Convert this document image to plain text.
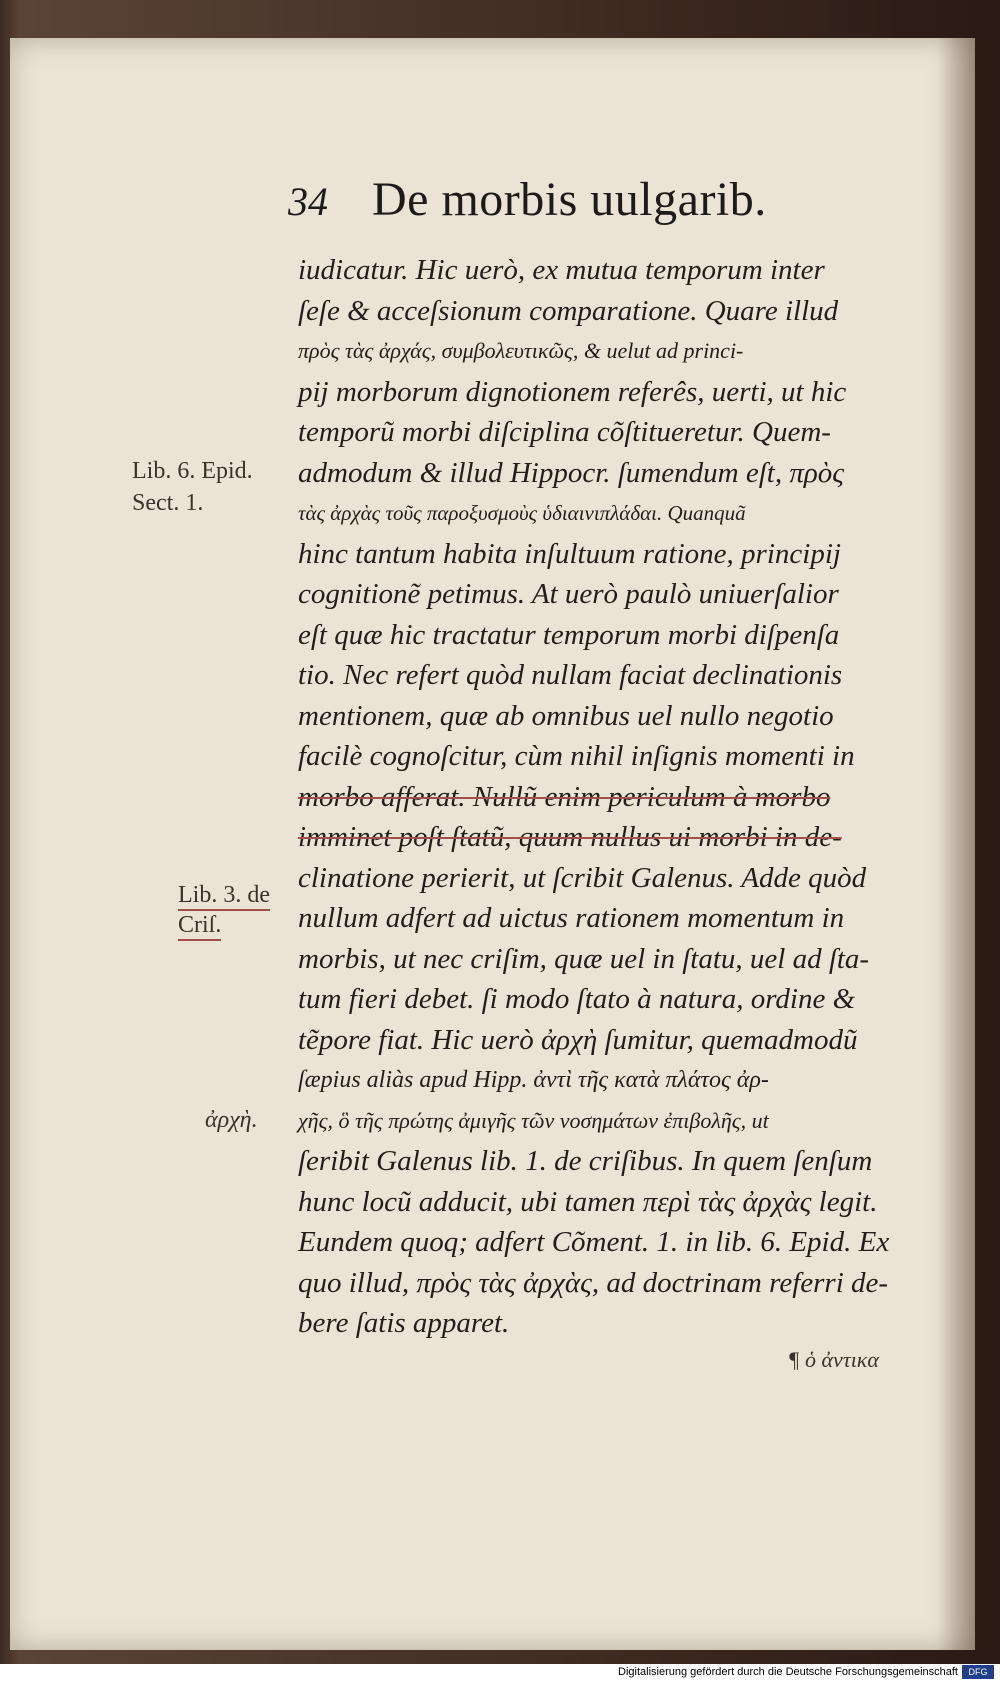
34 De morbis uulgarib.
iudicatur. Hic uerò, ex mutua temporum inter
ſeſe & acceſsionum comparatione. Quare illud
πρὸς τὰς ἀρχάς, συμβολευτικῶς, & uelut ad princi-
pij morborum dignotionem referês, uerti, ut hic
temporũ morbi diſciplina cõſtitueretur. Quem-
admodum & illud Hippocr. ſumendum eſt, πρὸς
τὰς ἀρχὰς τοῦς παροξυσμοὺς ὑδιαινιπλάδαι. Quanquã
hinc tantum habita inſultuum ratione, principij
cognitionẽ petimus. At uerò paulò uniuerſalior
eſt quæ hic tractatur temporum morbi diſpenſa
tio. Nec refert quòd nullam faciat declinationis
mentionem, quæ ab omnibus uel nullo negotio
facilè cognoſcitur, cùm nihil inſignis momenti in
morbo afferat. Nullũ enim periculum à morbo
imminet poſt ſtatũ, quum nullus ui morbi in de-
clinatione perierit, ut ſcribit Galenus. Adde quòd
nullum adfert ad uictus rationem momentum in
morbis, ut nec criſim, quæ uel in ſtatu, uel ad ſta-
tum fieri debet. ſi modo ſtato à natura, ordine &
tẽpore fiat. Hic uerò ἀρχὴ ſumitur, quemadmodũ
ſæpius aliàs apud Hipp. ἀντὶ τῆς κατὰ πλάτος ἀρ-
χῆς, ὃ τῆς πρώτης ἀμιγῆς τῶν νοσημάτων ἐπιβολῆς, ut
ſeribit Galenus lib. 1. de criſibus. In quem ſenſum
hunc locũ adducit, ubi tamen περὶ τὰς ἀρχὰς legit.
Eundem quoq; adfert Cõment. 1. in lib. 6. Epid. Ex
quo illud, πρὸς τὰς ἀρχὰς, ad doctrinam referri de-
bere ſatis apparet.
Lib. 6. Epid.
Sect. 1.
Lib. 3. de
Criſ.
ἀρχὴ.
¶ ὁ ἀντικα
Digitalisierung gefördert durch die Deutsche Forschungsgemeinschaft	DFG
